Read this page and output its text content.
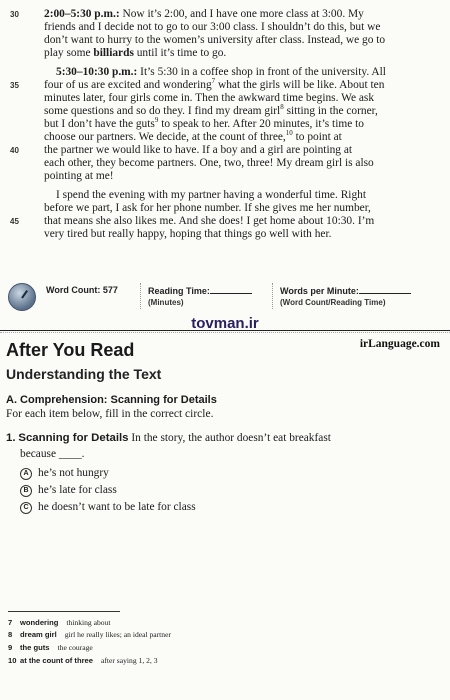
30 2:00–5:30 p.m.: Now it’s 2:00, and I have one more class at 3:00. My
friends and I decide not to go to our 3:00 class. I shouldn’t do this, but we
don’t want to hurry to the women’s university after class. Instead, we go to
play some billiards until it’s time to go.
5:30–10:30 p.m.: It’s 5:30 in a coffee shop in front of the university. All
35 four of us are excited and wondering$^7$ what the girls will be like. About ten
minutes later, four girls come in. Then the awkward time begins. We ask
some questions and so do they. I find my dream girl$^8$ sitting in the corner,
but I don’t have the guts$^9$ to speak to her. After 20 minutes, it’s time to
choose our partners. We decide, at the count of three,$^{10}$ to point at
40 the partner we would like to have. If a boy and a girl are pointing at
each other, they become partners. One, two, three! My dream girl is also
pointing at me!
I spend the evening with my partner having a wonderful time. Right
before we part, I ask for her phone number. If she gives me her number,
45 that means she also likes me. And she does! I get home about 10:30. I’m
very tired but really happy, hoping that things go well with her.
Word Count: 577	Reading Time:
(Minutes)
Words per Minute:
(Word Count/Reading Time)
tovman.ir
After You Read	irLanguage.com
Understanding the Text
A. Comprehension: Scanning for Details
For each item below, fill in the correct circle.
1. Scanning for Details In the story, the author doesn’t eat breakfast
because ____.
A he’s not hungry
B he’s late for class
C he doesn’t want to be late for class
7 wondering thinking about
8 dream girl girl he really likes; an ideal partner
9 the guts the courage
10 at the count of three after saying 1, 2, 3
